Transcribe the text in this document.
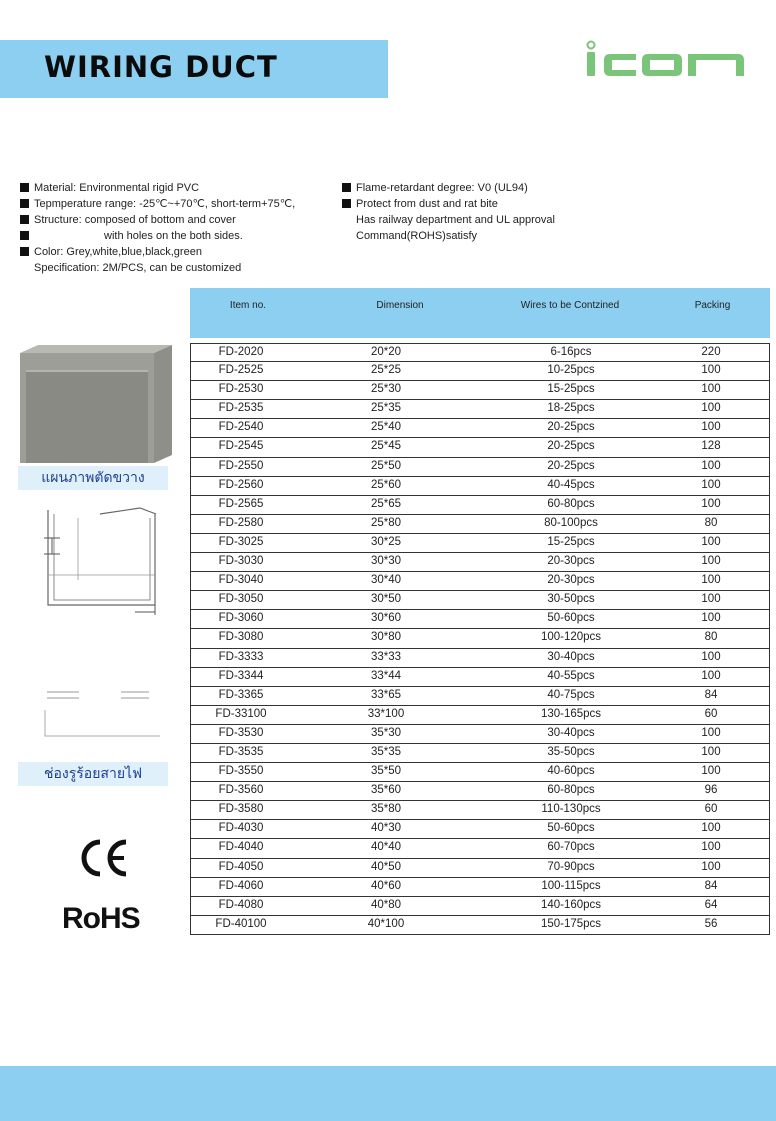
WIRING DUCT
Material: Environmental rigid PVC
Tepmperature range: -25℃~+70℃, short-term+75℃,
Structure: composed of bottom and cover
with holes on the both sides.
Color: Grey,white,blue,black,green
Specification: 2M/PCS, can be customized
Flame-retardant degree: V0 (UL94)
Protect from dust and rat bite
Has railway department and UL approval
Command(ROHS)satisfy
Item no.	Dimension	Wires to be Contzined	Packing
FD-2020	20*20	6-16pcs	220
FD-2525	25*25	10-25pcs	100
FD-2530	25*30	15-25pcs	100
FD-2535	25*35	18-25pcs	100
FD-2540	25*40	20-25pcs	100
FD-2545	25*45	20-25pcs	128
FD-2550	25*50	20-25pcs	100
FD-2560	25*60	40-45pcs	100
FD-2565	25*65	60-80pcs	100
FD-2580	25*80	80-100pcs	80
FD-3025	30*25	15-25pcs	100
FD-3030	30*30	20-30pcs	100
FD-3040	30*40	20-30pcs	100
FD-3050	30*50	30-50pcs	100
FD-3060	30*60	50-60pcs	100
FD-3080	30*80	100-120pcs	80
FD-3333	33*33	30-40pcs	100
FD-3344	33*44	40-55pcs	100
FD-3365	33*65	40-75pcs	84
FD-33100	33*100	130-165pcs	60
FD-3530	35*30	30-40pcs	100
FD-3535	35*35	35-50pcs	100
FD-3550	35*50	40-60pcs	100
FD-3560	35*60	60-80pcs	96
FD-3580	35*80	110-130pcs	60
FD-4030	40*30	50-60pcs	100
FD-4040	40*40	60-70pcs	100
FD-4050	40*50	70-90pcs	100
FD-4060	40*60	100-115pcs	84
FD-4080	40*80	140-160pcs	64
FD-40100	40*100	150-175pcs	56
แผนภาพตัดขวาง
ช่องรูร้อยสายไฟ
RoHS
